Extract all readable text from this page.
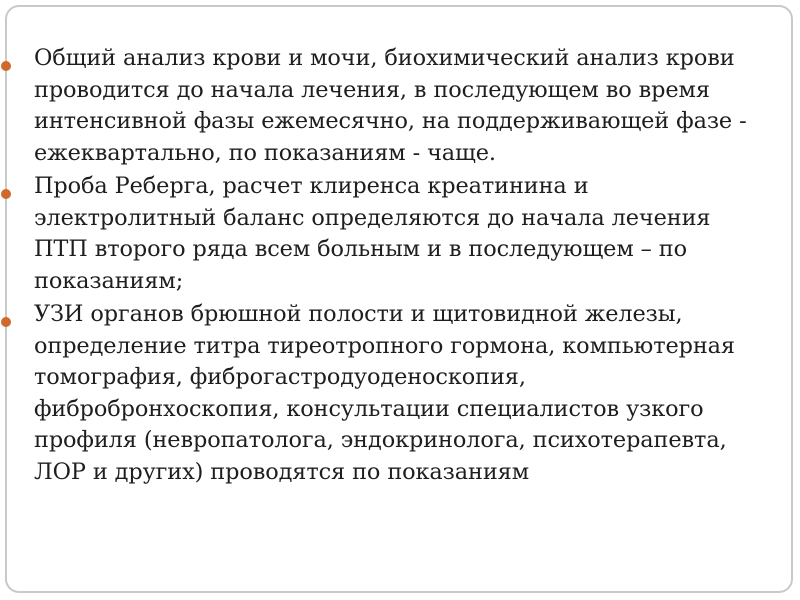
Общий анализ крови и мочи, биохимический анализ крови проводится до начала лечения, в последующем во время интенсивной фазы ежемесячно, на поддерживающей фазе - ежеквартально, по показаниям - чаще.
Проба Реберга, расчет клиренса креатинина и электролитный баланс определяются до начала лечения ПТП второго ряда всем больным и в последующем – по показаниям;
УЗИ органов брюшной полости и щитовидной железы, определение титра тиреотропного гормона, компьютерная томография, фиброгастродуоденоскопия, фибробронхоскопия, консультации специалистов узкого профиля (невропатолога, эндокринолога, психотерапевта, ЛОР и других) проводятся по показаниям
